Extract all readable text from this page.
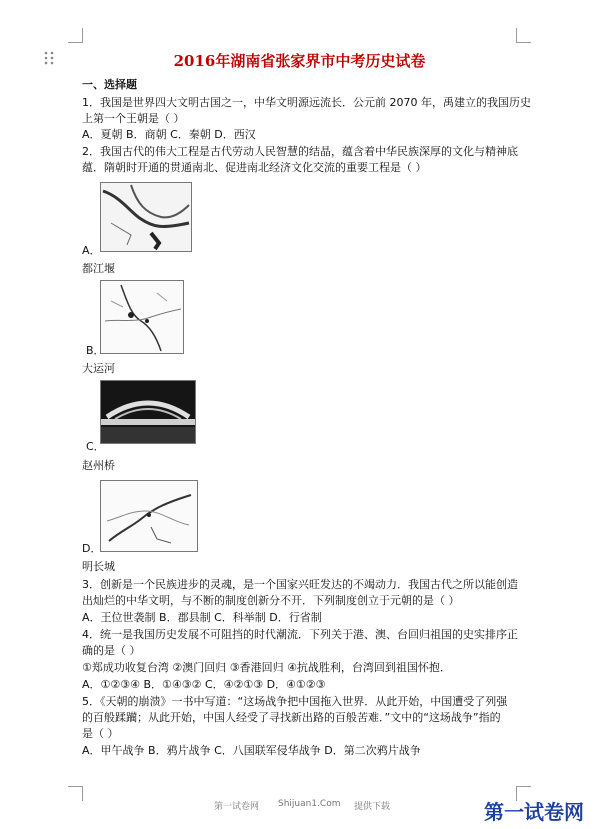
2016年湖南省张家界市中考历史试卷
一、选择题
1．我国是世界四大文明古国之一，中华文明源远流长．公元前 2070 年，禹建立的我国历史
上第一个王朝是（ ）
A．夏朝 B．商朝 C．秦朝 D．西汉
2．我国古代的伟大工程是古代劳动人民智慧的结晶，蕴含着中华民族深厚的文化与精神底
蕴．隋朝时开通的贯通南北、促进南北经济文化交流的重要工程是（ ）
A．
都江堰
B．
大运河
C．
赵州桥
D．
明长城
3．创新是一个民族进步的灵魂，是一个国家兴旺发达的不竭动力．我国古代之所以能创造
出灿烂的中华文明，与不断的制度创新分不开．下列制度创立于元朝的是（ ）
A．王位世袭制 B．郡县制 C．科举制 D．行省制
4．统一是我国历史发展不可阻挡的时代潮流．下列关于港、澳、台回归祖国的史实排序正
确的是（ ）
①郑成功收复台湾 ②澳门回归 ③香港回归 ④抗战胜利，台湾回到祖国怀抱．
A．①②③④ B．①④③② C．④②①③ D．④①②③
5．《天朝的崩溃》一书中写道：“这场战争把中国拖入世界．从此开始，中国遭受了列强
的百般蹂躏；从此开始，中国人经受了寻找新出路的百般苦难．”文中的“这场战争”指的
是（ ）
A．甲午战争 B．鸦片战争 C．八国联军侵华战争 D．第二次鸦片战争
第一试卷网 Shijuan1.Com 提供下载	第一试卷网
